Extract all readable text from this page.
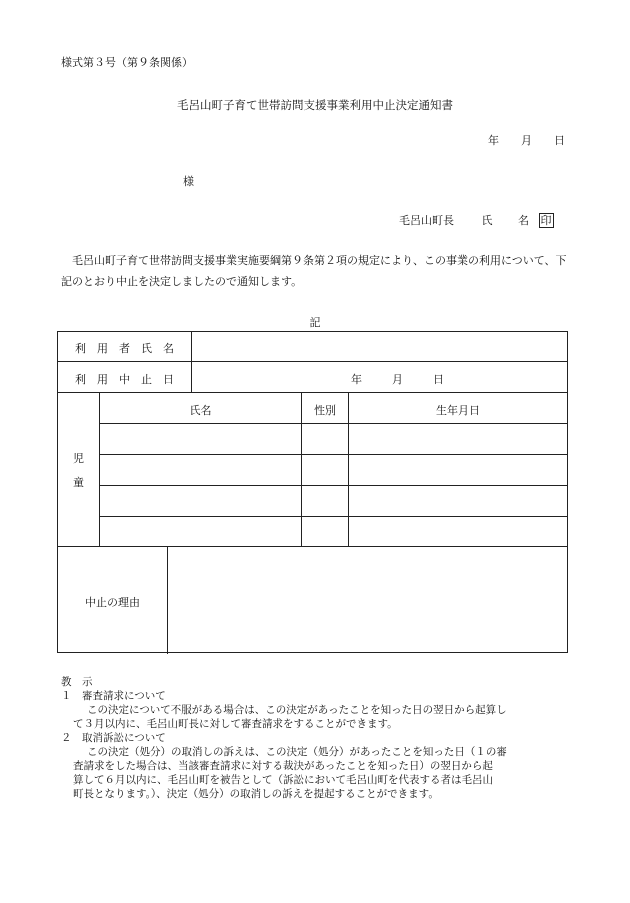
様式第３号（第９条関係）
毛呂山町子育て世帯訪問支援事業利用中止決定通知書
年 月 日
様
毛呂山町長	氏 名 印
毛呂山町子育て世帯訪問支援事業実施要綱第９条第２項の規定により、この事業の利用について、下記のとおり中止を決定しましたので通知します。
記
利　用　者　氏　名
利　用　中　止　日	年	月	日
児
童
氏名	性別	生年月日
中止の理由
教　示
１　審査請求について
この決定について不服がある場合は、この決定があったことを知った日の翌日から起算し
て３月以内に、毛呂山町長に対して審査請求をすることができます。
２　取消訴訟について
この決定（処分）の取消しの訴えは、この決定（処分）があったことを知った日（１の審
査請求をした場合は、当該審査請求に対する裁決があったことを知った日）の翌日から起
算して６月以内に、毛呂山町を被告として（訴訟において毛呂山町を代表する者は毛呂山
町長となります。）、決定（処分）の取消しの訴えを提起することができます。
